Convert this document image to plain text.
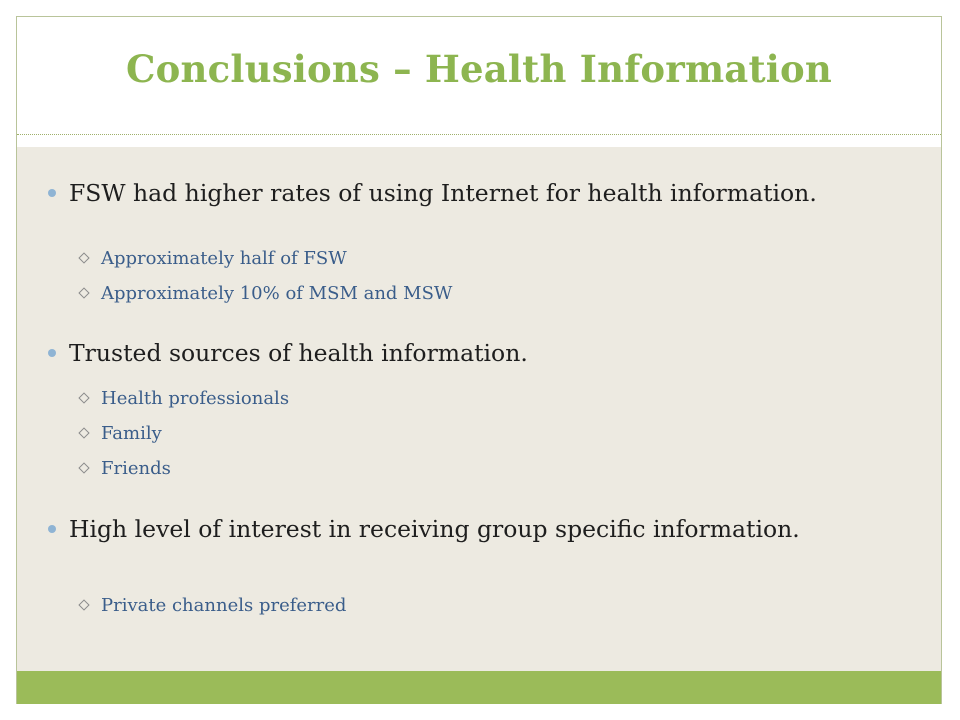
Conclusions – Health Information
FSW had higher rates of using Internet for health information.
Approximately half of FSW
Approximately 10% of MSM and MSW
Trusted sources of health information.
Health professionals
Family
Friends
High level of interest in receiving group specific information.
Private channels preferred
